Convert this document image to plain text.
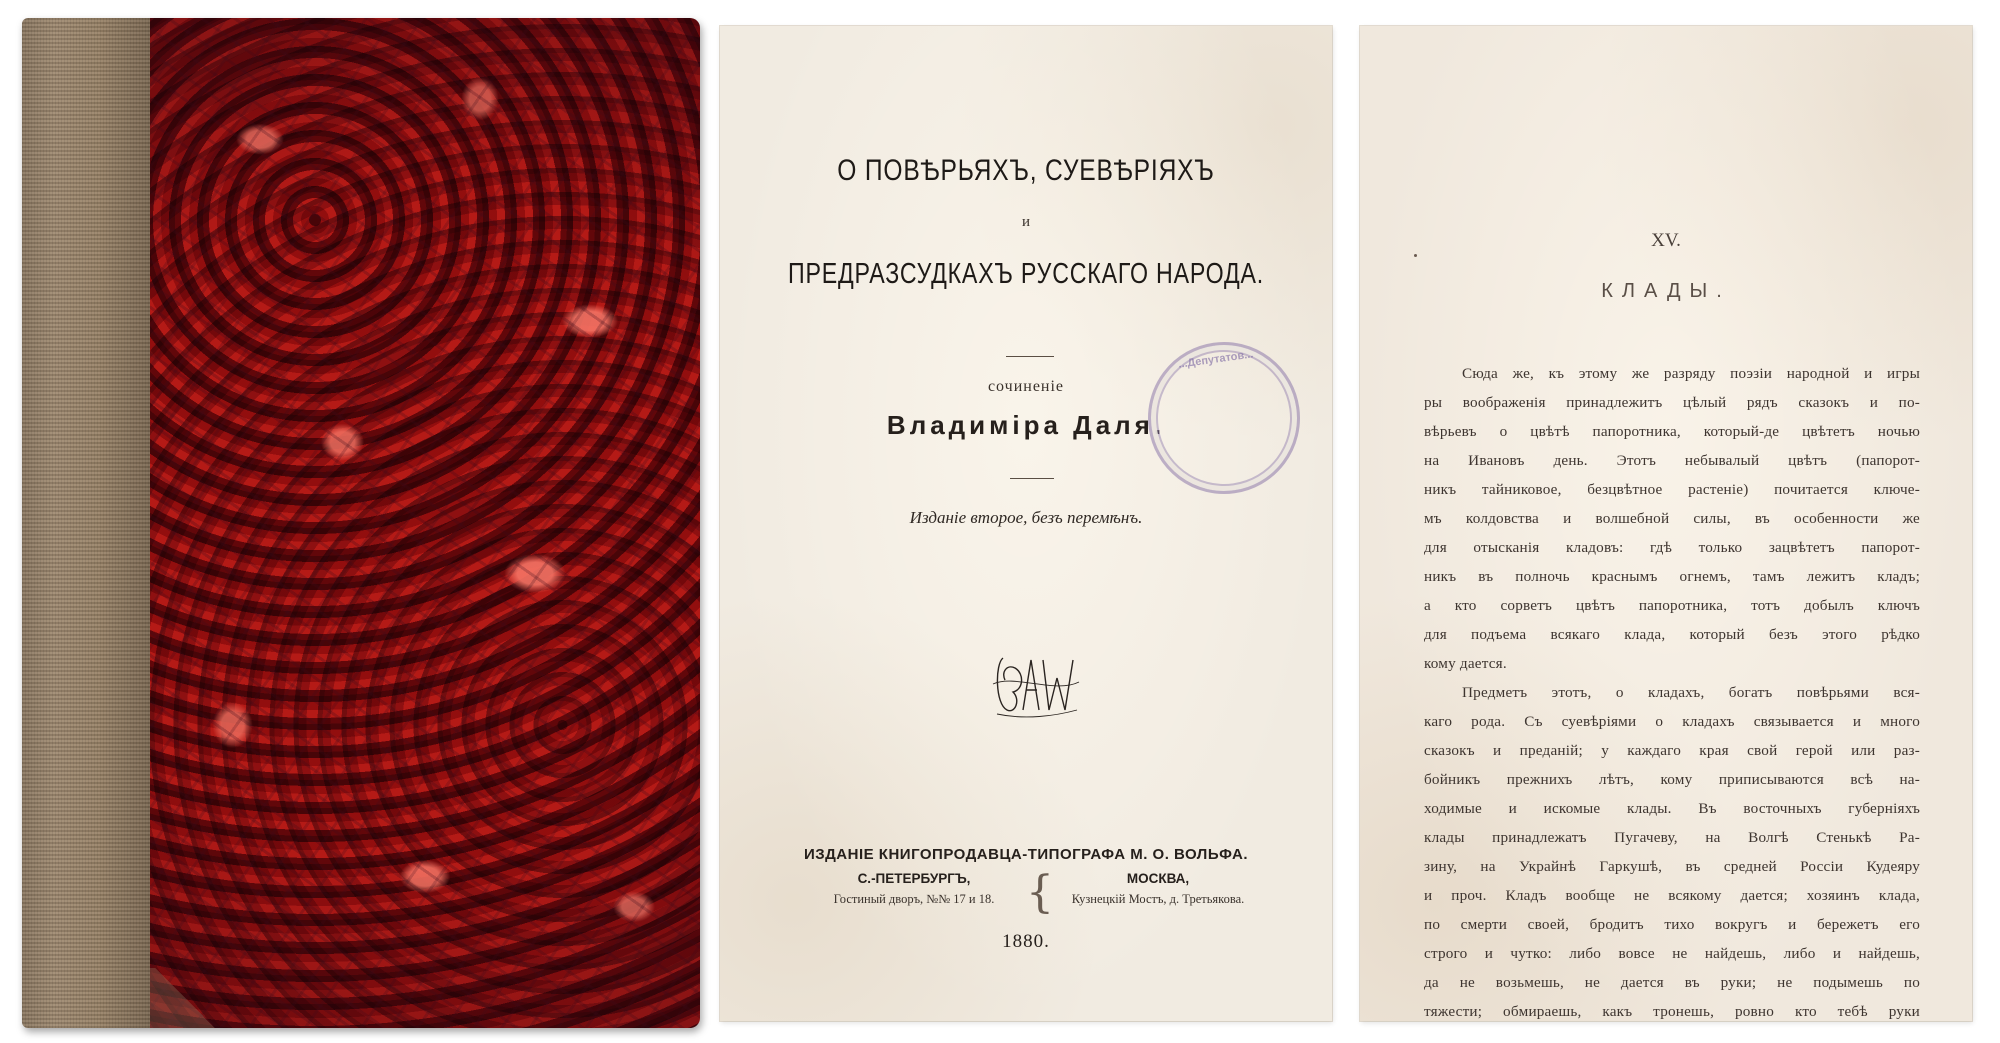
О ПОВѢРЬЯХЪ, СУЕВѢРІЯХЪ
и
ПРЕДРАЗСУДКАХЪ РУССКАГО НАРОДА.
сочиненіе
Владиміра Даля.
Изданіе второе, безъ перемѣнъ.
...Депутатов...
ИЗДАНІЕ КНИГОПРОДАВЦА-ТИПОГРАФА М. О. ВОЛЬФА.
С.-ПЕТЕРБУРГЪ,
Гостиный дворъ, №№ 17 и 18. {	МОСКВА,
Кузнецкій Мостъ, д. Третьякова.
1880.
XV.
КЛАДЫ.
Сюда же, къ этому же разряду поэзіи народной и игры
ры воображенія принадлежитъ цѣлый рядъ сказокъ и по-
вѣрьевъ о цвѣтѣ папоротника, который-де цвѣтетъ ночью
на Ивановъ день. Этотъ небывалый цвѣтъ (папорот-
никъ тайниковое, безцвѣтное растеніе) почитается ключе-
мъ колдовства и волшебной силы, въ особенности же
для отысканія кладовъ: гдѣ только зацвѣтетъ папорот-
никъ въ полночь краснымъ огнемъ, тамъ лежитъ кладъ;
а кто сорветъ цвѣтъ папоротника, тотъ добылъ ключъ
для подъема всякаго клада, который безъ этого рѣдко
кому дается.
Предметъ этотъ, о кладахъ, богатъ повѣрьями вся-
каго рода. Съ суевѣріями о кладахъ связывается и много
сказокъ и преданій; у каждаго края свой герой или раз-
бойникъ прежнихъ лѣтъ, кому приписываются всѣ на-
ходимые и искомые клады. Въ восточныхъ губерніяхъ
клады принадлежатъ Пугачеву, на Волгѣ Стенькѣ Ра-
зину, на Украйнѣ Гаркушѣ, въ средней Россіи Кудеяру
и проч. Кладъ вообще не всякому дается; хозяинъ клада,
по смерти своей, бродитъ тихо вокругъ и бережетъ его
строго и чутко: либо вовсе не найдешь, либо и найдешь,
да не возьмешь, не дается въ руки; не подымешь по
тяжести; обмираешь, какъ тронешь, ровно кто тебѣ руки
